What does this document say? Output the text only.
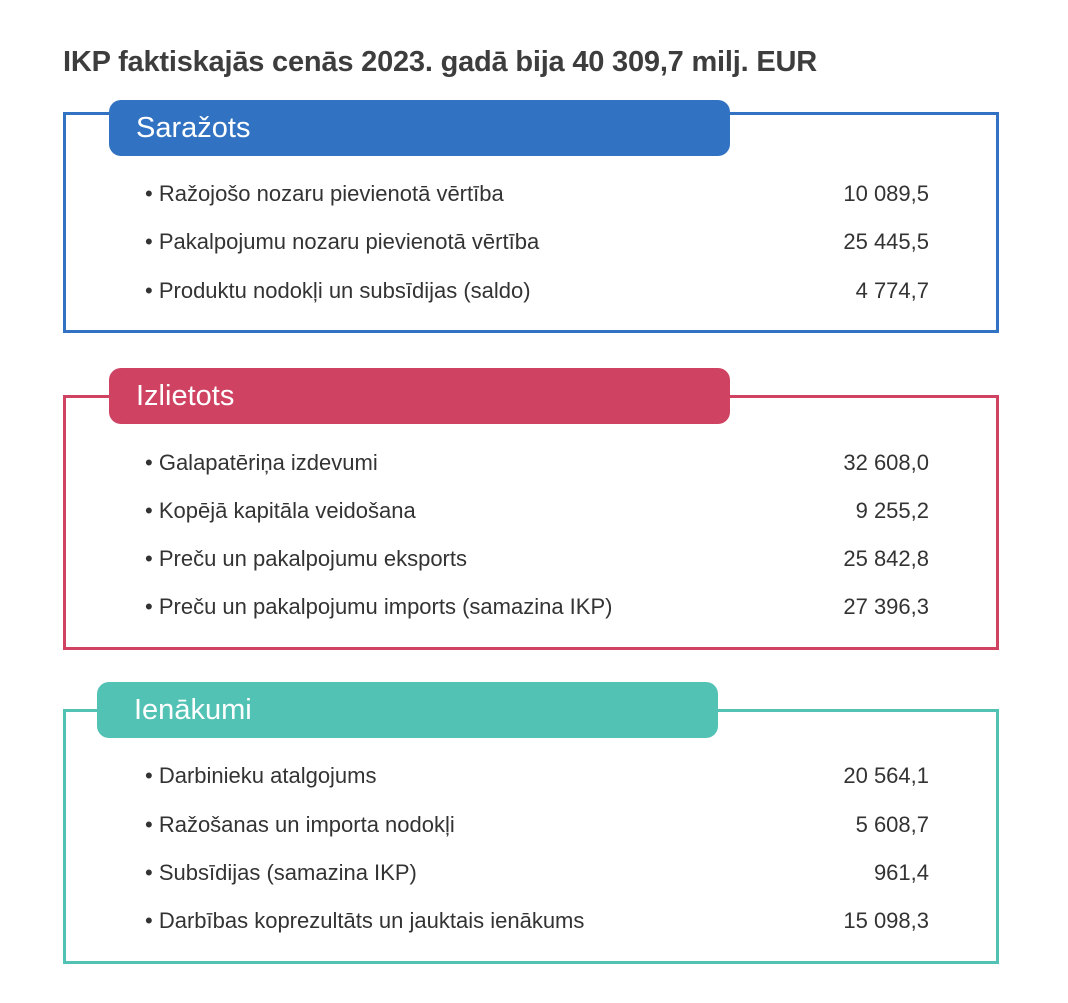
IKP faktiskajās cenās 2023. gadā bija 40 309,7 milj. EUR
Saražots
• Ražojošo nozaru pievienotā vērtība	10 089,5
• Pakalpojumu nozaru pievienotā vērtība	25 445,5
• Produktu nodokļi un subsīdijas (saldo)	4 774,7
Izlietots
• Galapatēriņa izdevumi	32 608,0
• Kopējā kapitāla veidošana	9 255,2
• Preču un pakalpojumu eksports	25 842,8
• Preču un pakalpojumu imports (samazina IKP)	27 396,3
Ienākumi
• Darbinieku atalgojums	20 564,1
• Ražošanas un importa nodokļi	5 608,7
• Subsīdijas (samazina IKP)	961,4
• Darbības koprezultāts un jauktais ienākums	15 098,3
